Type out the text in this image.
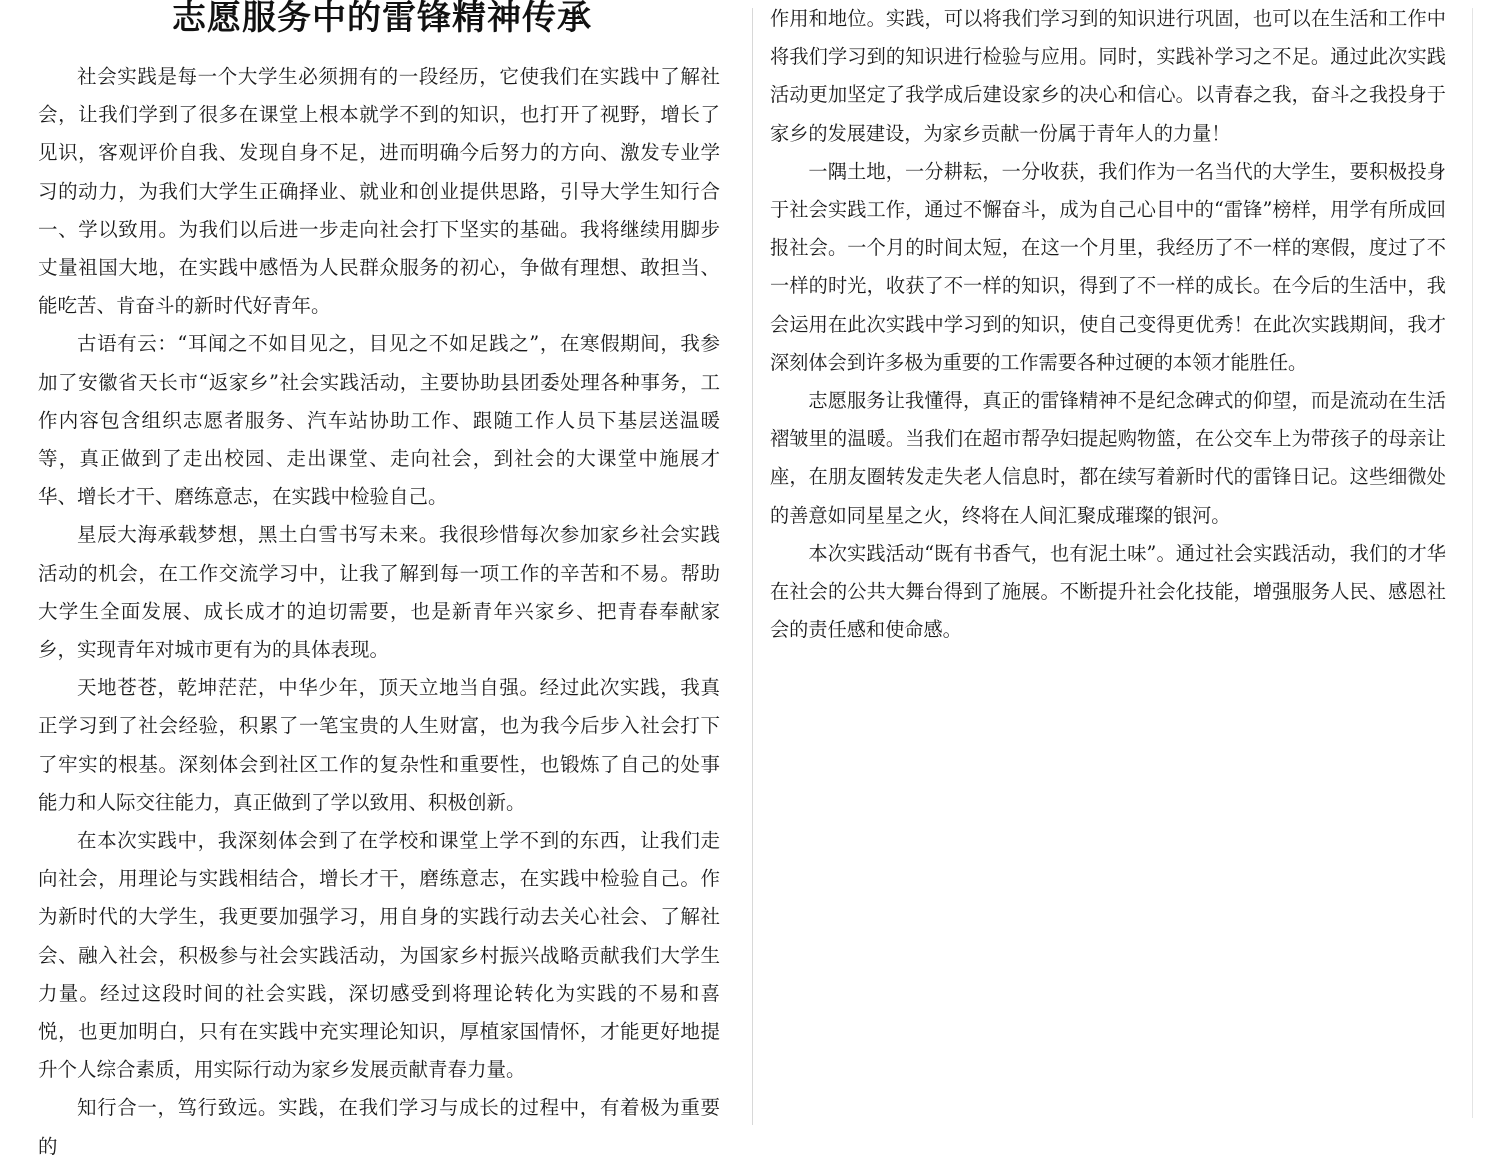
志愿服务中的雷锋精神传承

社会实践是每一个大学生必须拥有的一段经历，它使我们在实践中了解社会，让我们学到了很多在课堂上根本就学不到的知识，也打开了视野，增长了见识，客观评价自我、发现自身不足，进而明确今后努力的方向、激发专业学习的动力，为我们大学生正确择业、就业和创业提供思路，引导大学生知行合一、学以致用。为我们以后进一步走向社会打下坚实的基础。我将继续用脚步丈量祖国大地，在实践中感悟为人民群众服务的初心，争做有理想、敢担当、能吃苦、肯奋斗的新时代好青年。

古语有云：“耳闻之不如目见之，目见之不如足践之”，在寒假期间，我参加了安徽省天长市“返家乡”社会实践活动，主要协助县团委处理各种事务，工作内容包含组织志愿者服务、汽车站协助工作、跟随工作人员下基层送温暖等，真正做到了走出校园、走出课堂、走向社会，到社会的大课堂中施展才华、增长才干、磨练意志，在实践中检验自己。

星辰大海承载梦想，黑土白雪书写未来。我很珍惜每次参加家乡社会实践活动的机会，在工作交流学习中，让我了解到每一项工作的辛苦和不易。帮助大学生全面发展、成长成才的迫切需要，也是新青年兴家乡、把青春奉献家乡，实现青年对城市更有为的具体表现。

天地苍苍，乾坤茫茫，中华少年，顶天立地当自强。经过此次实践，我真正学习到了社会经验，积累了一笔宝贵的人生财富，也为我今后步入社会打下了牢实的根基。深刻体会到社区工作的复杂性和重要性，也锻炼了自己的处事能力和人际交往能力，真正做到了学以致用、积极创新。

在本次实践中，我深刻体会到了在学校和课堂上学不到的东西，让我们走向社会，用理论与实践相结合，增长才干，磨练意志，在实践中检验自己。作为新时代的大学生，我更要加强学习，用自身的实践行动去关心社会、了解社会、融入社会，积极参与社会实践活动，为国家乡村振兴战略贡献我们大学生力量。经过这段时间的社会实践，深切感受到将理论转化为实践的不易和喜悦，也更加明白，只有在实践中充实理论知识，厚植家国情怀，才能更好地提升个人综合素质，用实际行动为家乡发展贡献青春力量。

知行合一，笃行致远。实践，在我们学习与成长的过程中，有着极为重要的

作用和地位。实践，可以将我们学习到的知识进行巩固，也可以在生活和工作中将我们学习到的知识进行检验与应用。同时，实践补学习之不足。通过此次实践活动更加坚定了我学成后建设家乡的决心和信心。以青春之我，奋斗之我投身于家乡的发展建设，为家乡贡献一份属于青年人的力量！

一隅土地，一分耕耘，一分收获，我们作为一名当代的大学生，要积极投身于社会实践工作，通过不懈奋斗，成为自己心目中的“雷锋”榜样，用学有所成回报社会。一个月的时间太短，在这一个月里，我经历了不一样的寒假，度过了不一样的时光，收获了不一样的知识，得到了不一样的成长。在今后的生活中，我会运用在此次实践中学习到的知识，使自己变得更优秀！在此次实践期间，我才深刻体会到许多极为重要的工作需要各种过硬的本领才能胜任。

志愿服务让我懂得，真正的雷锋精神不是纪念碑式的仰望，而是流动在生活褶皱里的温暖。当我们在超市帮孕妇提起购物篮，在公交车上为带孩子的母亲让座，在朋友圈转发走失老人信息时，都在续写着新时代的雷锋日记。这些细微处的善意如同星星之火，终将在人间汇聚成璀璨的银河。

本次实践活动“既有书香气，也有泥土味”。通过社会实践活动，我们的才华在社会的公共大舞台得到了施展。不断提升社会化技能，增强服务人民、感恩社会的责任感和使命感。
